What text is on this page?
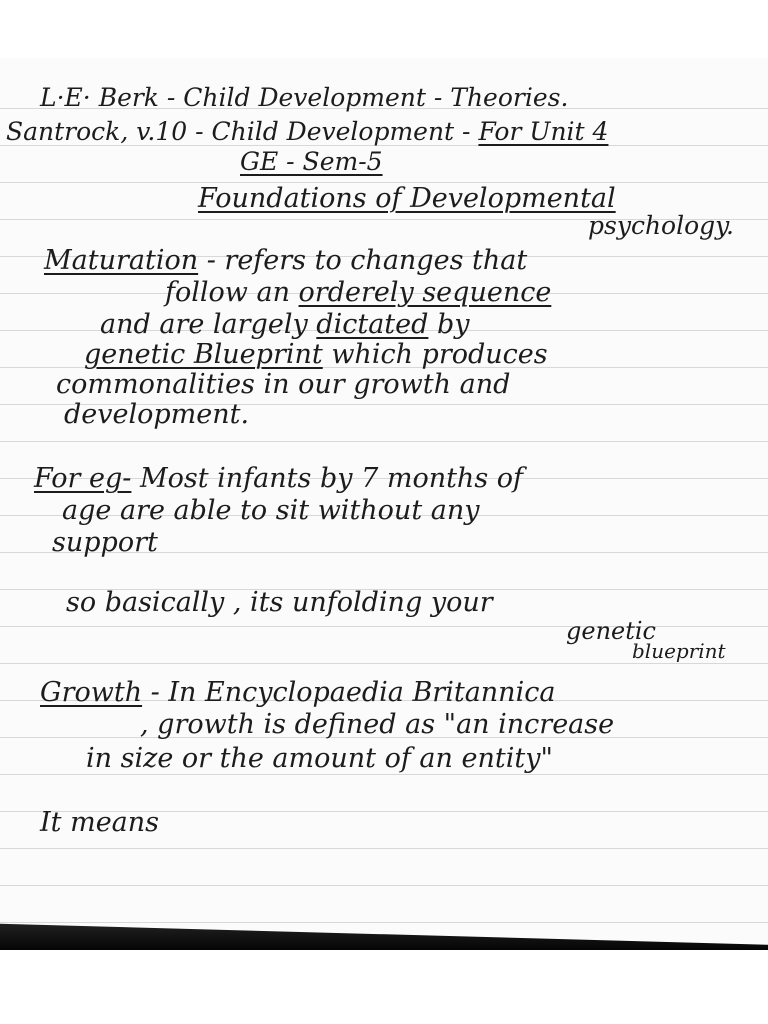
L·E· Berk - Child Development - Theories.
Santrock, v.10 - Child Development - For Unit 4
GE - Sem-5
Foundations of Developmental
psychology.
Maturation - refers to changes that
follow an orderely sequence
and are largely dictated by
genetic Blueprint which produces
commonalities in our growth and
development.
For eg- Most infants by 7 months of
age are able to sit without any
support
so basically , its unfolding your
genetic
blueprint
Growth - In Encyclopaedia Britannica
, growth is defined as "an increase
in size or the amount of an entity"
It means
